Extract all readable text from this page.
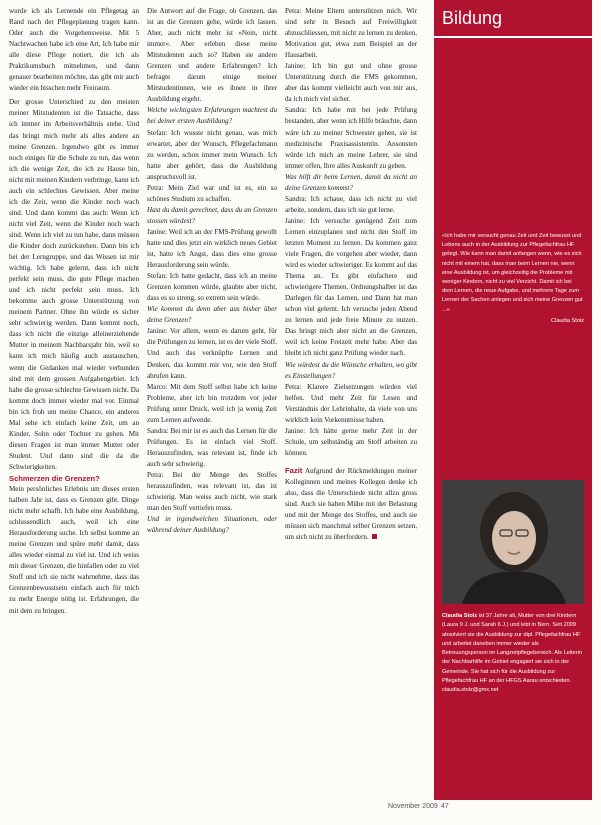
wurde ich als Lernende ein Pflegetag an Rand nach der Pflegeplanung tragen kann. Oder auch die Vorgehensweise. Mit 5 Nachtwachen habe ich eine Art, Ich habe mir alle diese Pflege notiert, die ich als Praktikumsbuch mitnehmen, und dann genauer bearbeiten möchte, das gibt mir auch wieder ein bisschen mehr Freiraum.

Der grosse Unterschied zu den meisten meiner Mitstudenten ist die Tatsache, dass ich immer im Arbeitsverhältnis stehe. Und das bringt mich mehr als alles andere an meine Grenzen. Irgendwo gibt es immer noch einiges für die Schule zu tun, das wenn ich die wenige Zeit, die ich zu Hause bin, nicht mit meinen Kindern verbringe, kann ich auch ein schlechtes Gewissen. Aber meine ich die Zeit, wenn die Kinder noch wach sind. Und dann kommt das auch: Wenn ich nicht viel Zeit, wenn die Kinder noch wach sind. Wenn ich viel zu tun habe, dann müssen die Kinder doch zurückstehen. Dann bin ich bei der Lerngruppe, und das Wissen ist mir wichtig. Ich habe gelernt, dass ich nicht perfekt sein muss, die gute Pflege machen und ich nicht perfekt sein muss. Ich bekomme auch grosse Unterstützung von meinem Partner. Ohne ihn würde es sicher sehr schwierig werden. Dann kommt noch, dass ich nicht die einzige alleinerziehende Mutter in meinem Nachbarsjahr bin, weil so kann ich mich häufig auch austauschen, wenn die Gedanken mal wieder verbunden sind mit dem grossen Aufgabengebiet. Ich habe die grosse schlechte Gewissen nicht. Da kommt doch immer wieder mal vor. Einmal bin ich froh um meine Chance, ein anderes Mal sehe ich einfach keine Zeit, um an Kinder, Sohn oder Tochter zu gehen. Mit diesen Fragen ist man immer Mutter oder Student. Und dann sind die da die Schwierigkeiten.

Schmerzen die Grenzen?

Mein persönliches Erlebnis um dieses ersten halben Jahr ist, dass es Grenzen gibt. Dinge nicht mehr schafft. Ich habe eine Ausbildung, schlussendlich auch, weil ich eine Herausforderung suche. Ich selbst komme an meine Grenzen und spüre mehr damit, dass alles wieder einmal zu viel ist. Und ich weiss mit dieser Grenzen, die hinfallen oder zu viel Stoff und ich sie nicht wahrnehme, dass das Grenzenbewusstsein einfach auch für mich zu mehr Energie nötig ist. Erfahrungen, die mit dem zu bringen.

Die Antwort auf die Frage, ob Grenzen, das ist an die Grenzen gehe, würde ich lassen. Aber, auch nicht mehr ist »Nein, nicht immer«. Aber erleben diese meine Mitstudenten auch so? Haben sie andere Grenzen und andere Erfahrungen? Ich befragte darum einige meiner Mitstudentinnen, wie es ihnen in ihrer Ausbildung ergeht.

Welche wichtigsten Erfahrungen machtest du bei deiner ersten Ausbildung?

Stefan: Ich wusste nicht genau, was mich erwartet, aber der Wunsch, Pflegefachmann zu werden, schon immer mein Wunsch. Ich hatte aber gehört, dass die Ausbildung anspruchsvoll ist.

Petra: Mein Ziel war und ist es, ein so schönes Studium zu schaffen.

Hast du damit gerechnet, dass du an Grenzen stossen würdest?

Janine: Weil ich an der FMS-Prüfung gewollt hatte und dies jetzt ein wirklich neues Gebiet ist, hatte ich Angst, dass dies eine grosse Herausforderung sein würde.

Stefan: Ich hatte gedacht, dass ich an meine Grenzen kommen würde, glaubte aber nicht, dass es so streng, so extrem sein würde.

Wie kommst du denn aber aus bisher über deine Grenzen?

Janine: Vor allem, wenn es darum geht, für die Prüfungen zu lernen, ist es der viele Stoff. Und auch das verknüpfte Lernen und Denken, das kommt mir vor, wie den Stoff abrufen kann.

Marco: Mit dem Stoff selbst habe ich keine Probleme, aber ich bin trotzdem vor jeder Prüfung unter Druck, weil ich ja wenig Zeit zum Lernen aufwende.

Sandra: Bei mir ist es auch das Lernen für die Prüfungen. Es ist einfach viel Stoff. Herauszufinden, was relevant ist, finde ich auch sehr schwierig.

Petra: Bei der Menge des Stoffes herauszufinden, was relevant ist, das ist schwierig. Man weiss auch nicht, wie stark man den Stoff vertiefen muss.

Und in irgendwelchen Situationen, oder während deiner Ausbildung?

Petra: Meine Eltern unterstützen mich. Wir sind sehr in Besuch auf Freiwilligkeit abzuschliessen, mit nicht zu lernen zu denken, Motivation gut, etwa zum Beispiel an der Hausarbeit.

Janine: Ich bin gut und ohne grosse Unterstützung durch die FMS gekommen, aber das kommt vielleicht auch von mir aus, da ich mich viel sicher.

Sandra: Ich habe mit bei jede Prüfung bestanden, aber wenn ich Hilfe bräuchte, dann wäre ich zu meiner Schwester gehen, sie ist medizinische Praxisassistentin. Ansonsten würde ich mich an meine Lehrer, sie sind immer offen, Ihre alles Auskunft zu geben.

Was hilft dir beim Lernen, damit du nicht an deine Grenzen kommst?

Sandra: Ich schaue, dass ich nicht zu viel arbeite, sondern, dass ich sie gut lerne.

Janine: Ich versuche genügend Zeit zum Lernen einzuplanen und nicht den Stoff im letzten Moment zu lernen. Da kommen ganz viele Fragen, die vorgehen aber wieder, dann wird es wieder schwieriger. Es kommt auf das Thema an. Es gibt einfachere und schwierigere Themen. Ordnungshalber ist das Darlegen für das Lernen, und Dann hat man schon viel gelernt. Ich versuche jeden Abend zu lernen und jede freie Minute zu nutzen. Das bringt mich aber nicht an die Grenzen, weil ich keine Freizeit mehr habe. Aber das bleibt ich nicht ganz Prüfung wieder nach.

Wie würdest du die Wünsche erhalten, wo gibt es Einstellungen?

Petra: Klarere Zielsetzungen würden viel helfen. Und mehr Zeit für Lesen und Verständnis der Lehrinhalte, da viele von uns wirklich kein Vorkenntnisse haben.

Janine: Ich hätte gerne mehr Zeit in der Schule, um selbständig am Stoff arbeiten zu können.

Fazit Aufgrund der Rückmeldungen meiner Kolleginnen und meines Kollegen denke ich also, dass die Unterschiede nicht allzu gross sind. Auch sie haben Mühe mit der Belastung und mit der Menge des Stoffes, und auch sie müssen sich manchmal selber Grenzen setzen, um sich nicht zu überfordern.

Bildung
«Ich habe mir versucht genau Zeit und Zeit bewusst und Lebens auch in der Ausbildung zur Pflegefachfrau HF gelegt. Wie kann man damit anfangen wenn, wie es sich nicht mit einem hat, dass man beim Lernen nie, wenn eine Ausbildung ist, um gleichzeitig die Probleme mit weniger Kindern, nicht zu viel Verzicht. Damit ich bei dem Lernen, die neue Aufgabe, und mehrere Tage zum Lernen der Sachen anlegen und sich meine Grenzen gut ...»
Claudia Stolz
Claudia Stolz ist 37 Jahre alt, Mutter von drei Kindern (Laura 9 J. und Sarah 6 J.) und lebt in Bern. Seit 2009 absolviert sie die Ausbildung zur dipl. Pflegefachfrau HF und arbeitet daneben immer wieder als Betreuungsperson im Langzeitpflegebereich. Als Leiterin der Nachbarhilfe im Gebiet engagiert sie sich in der Gemeinde. Sie hat sich für die Ausbildung zur Pflegefachfrau HF an der HFGS Aarau entschieden. claudia.stolz@gmx.net
November 2009 47
